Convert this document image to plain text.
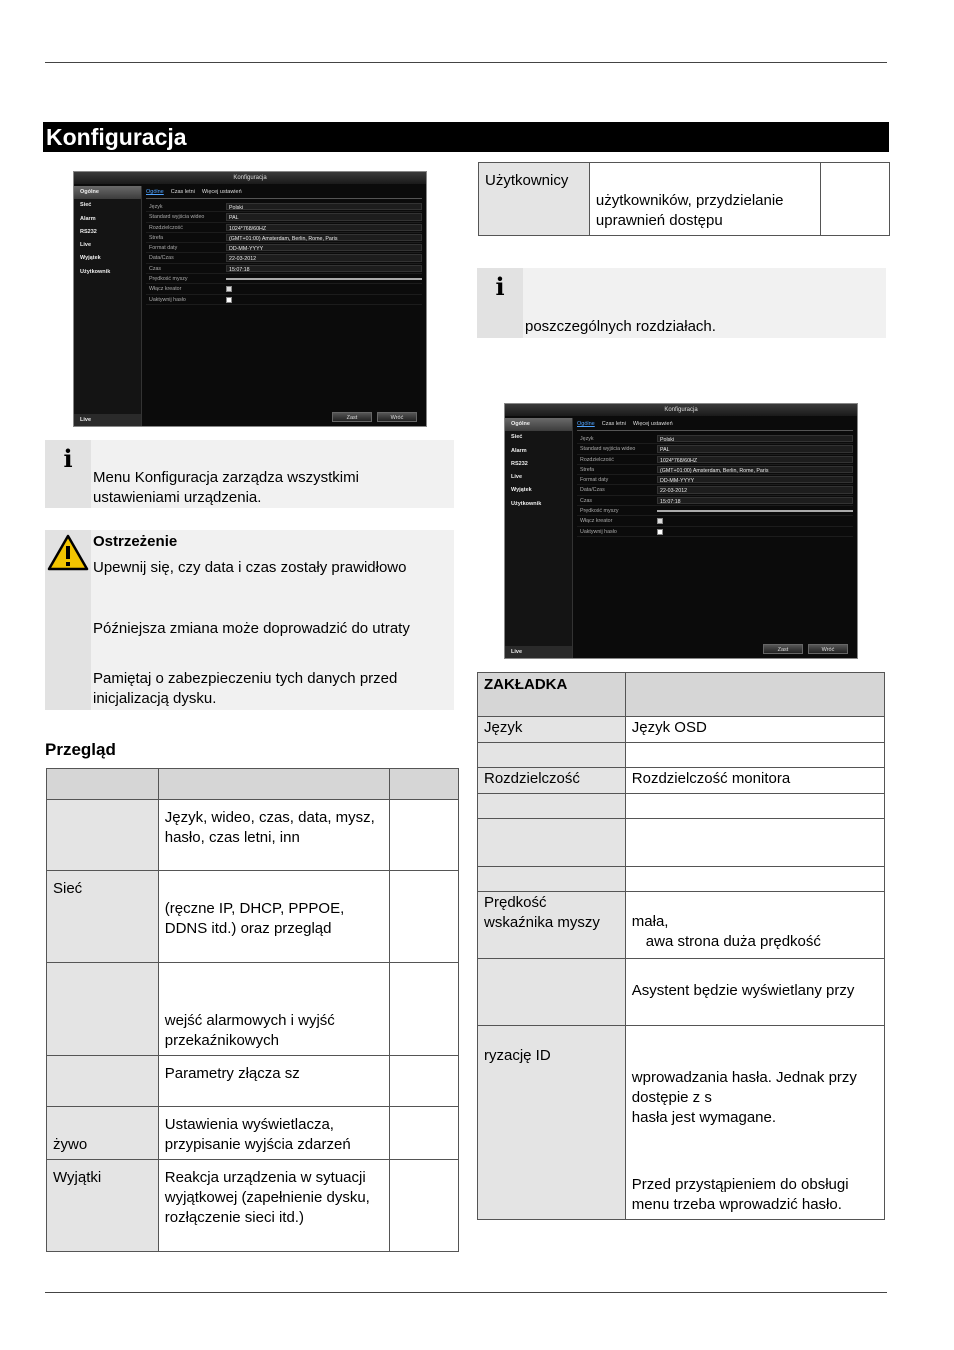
Konfiguracja
Konfiguracja
Ogólne
Sieć
Alarm
RS232
Live
Wyjątek
Użytkownik
Live
Ogólne Czas letni Więcej ustawień
Język	Polski
Standard wyjścia wideo	PAL
Rozdzielczość	1024*768/60HZ
Strefa	(GMT+01:00) Amsterdam, Berlin, Rome, Paris
Format daty	DD-MM-YYYY
Data/Czas	22-03-2012
Czas	15:07:18
Prędkość myszy
Włącz kreator
Uaktywnij hasło
Zast	Wróć
i
Menu Konfiguracja zarządza wszystkimi ustawieniami urządzenia.
Ostrzeżenie
Upewnij się, czy data i czas zostały prawidłowo
Późniejsza zmiana może doprowadzić do utraty
Pamiętaj o zabezpieczeniu tych danych przed inicjalizacją dysku.
Przegląd

	Język, wideo, czas, data, mysz, hasło, czas letni, inn	
Sieć	(ręczne IP, DHCP, PPPOE, DDNS itd.) oraz przegląd	
	wejść alarmowych i wyjść przekaźnikowych	
	Parametry złącza sz	
żywo	Ustawienia wyświetlacza, przypisanie wyjścia zdarzeń	
Wyjątki	Reakcja urządzenia w sytuacji wyjątkowej (zapełnienie dysku, rozłączenie sieci itd.)	
Użytkownicy	użytkowników, przydzielanie uprawnień dostępu	
i
poszczególnych rozdziałach.
Konfiguracja
Ogólne
Sieć
Alarm
RS232
Live
Wyjątek
Użytkownik
Live
Ogólne Czas letni Więcej ustawień
Język	Polski
Standard wyjścia wideo	PAL
Rozdzielczość	1024*768/60HZ
Strefa	(GMT+01:00) Amsterdam, Berlin, Rome, Paris
Format daty	DD-MM-YYYY
Data/Czas	22-03-2012
Czas	15:07:18
Prędkość myszy
Włącz kreator
Uaktywnij hasło
Zast	Wróć
ZAKŁADKA	
Język	Język OSD

Rozdzielczość	Rozdzielczość monitora

Prędkość wskaźnika myszy	mała,
awa strona duża prędkość

	Asystent będzie wyświetlany przy
ryzację ID	wprowadzania hasła. Jednak przy dostępie z s
hasła jest wymagane.
Przed przystąpieniem do obsługi menu trzeba wprowadzić hasło.
